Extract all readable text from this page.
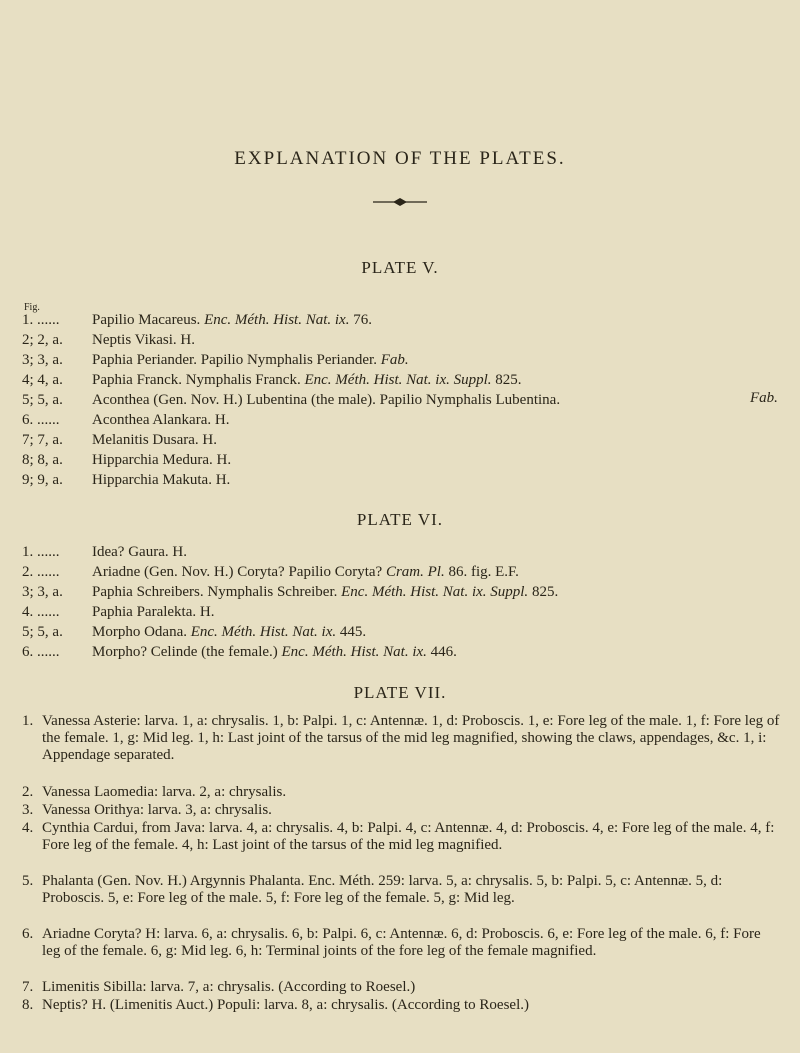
EXPLANATION OF THE PLATES.
PLATE V.
Fig.
1. ...... Papilio Macareus. Enc. Méth. Hist. Nat. ix. 76.
2; 2, a. Neptis Vikasi. H.
3; 3, a. Paphia Periander. Papilio Nymphalis Periander. Fab.
4; 4, a. Paphia Franck. Nymphalis Franck. Enc. Méth. Hist. Nat. ix. Suppl. 825.
5; 5, a. Aconthea (Gen. Nov. H.) Lubentina (the male). Papilio Nymphalis Lubentina.
6. ...... Aconthea Alankara. H.
7; 7, a. Melanitis Dusara. H.
8; 8, a. Hipparchia Medura. H.
9; 9, a. Hipparchia Makuta. H.
Fab.
PLATE VI.
1. ...... Idea? Gaura. H.
2. ...... Ariadne (Gen. Nov. H.) Coryta? Papilio Coryta? Cram. Pl. 86. fig. E.F.
3; 3, a. Paphia Schreibers. Nymphalis Schreiber. Enc. Méth. Hist. Nat. ix. Suppl. 825.
4. ...... Paphia Paralekta. H.
5; 5, a. Morpho Odana. Enc. Méth. Hist. Nat. ix. 445.
6. ...... Morpho? Celinde (the female.) Enc. Méth. Hist. Nat. ix. 446.
PLATE VII.
1. Vanessa Asterie: larva. 1, a: chrysalis. 1, b: Palpi. 1, c: Antennæ. 1, d: Proboscis. 1, e: Fore leg of the male. 1, f: Fore leg of the female. 1, g: Mid leg. 1, h: Last joint of the tarsus of the mid leg magnified, showing the claws, appendages, &c. 1, i: Appendage separated.
2. Vanessa Laomedia: larva. 2, a: chrysalis.
3. Vanessa Orithya: larva. 3, a: chrysalis.
4. Cynthia Cardui, from Java: larva. 4, a: chrysalis. 4, b: Palpi. 4, c: Antennæ. 4, d: Proboscis. 4, e: Fore leg of the male. 4, f: Fore leg of the female. 4, h: Last joint of the tarsus of the mid leg magnified.
5. Phalanta (Gen. Nov. H.) Argynnis Phalanta. Enc. Méth. 259: larva. 5, a: chrysalis. 5, b: Palpi. 5, c: Antennæ. 5, d: Proboscis. 5, e: Fore leg of the male. 5, f: Fore leg of the female. 5, g: Mid leg.
6. Ariadne Coryta? H: larva. 6, a: chrysalis. 6, b: Palpi. 6, c: Antennæ. 6, d: Proboscis. 6, e: Fore leg of the male. 6, f: Fore leg of the female. 6, g: Mid leg. 6, h: Terminal joints of the fore leg of the female magnified.
7. Limenitis Sibilla: larva. 7, a: chrysalis. (According to Roesel.)
8. Neptis? H. (Limenitis Auct.) Populi: larva. 8, a: chrysalis. (According to Roesel.)
